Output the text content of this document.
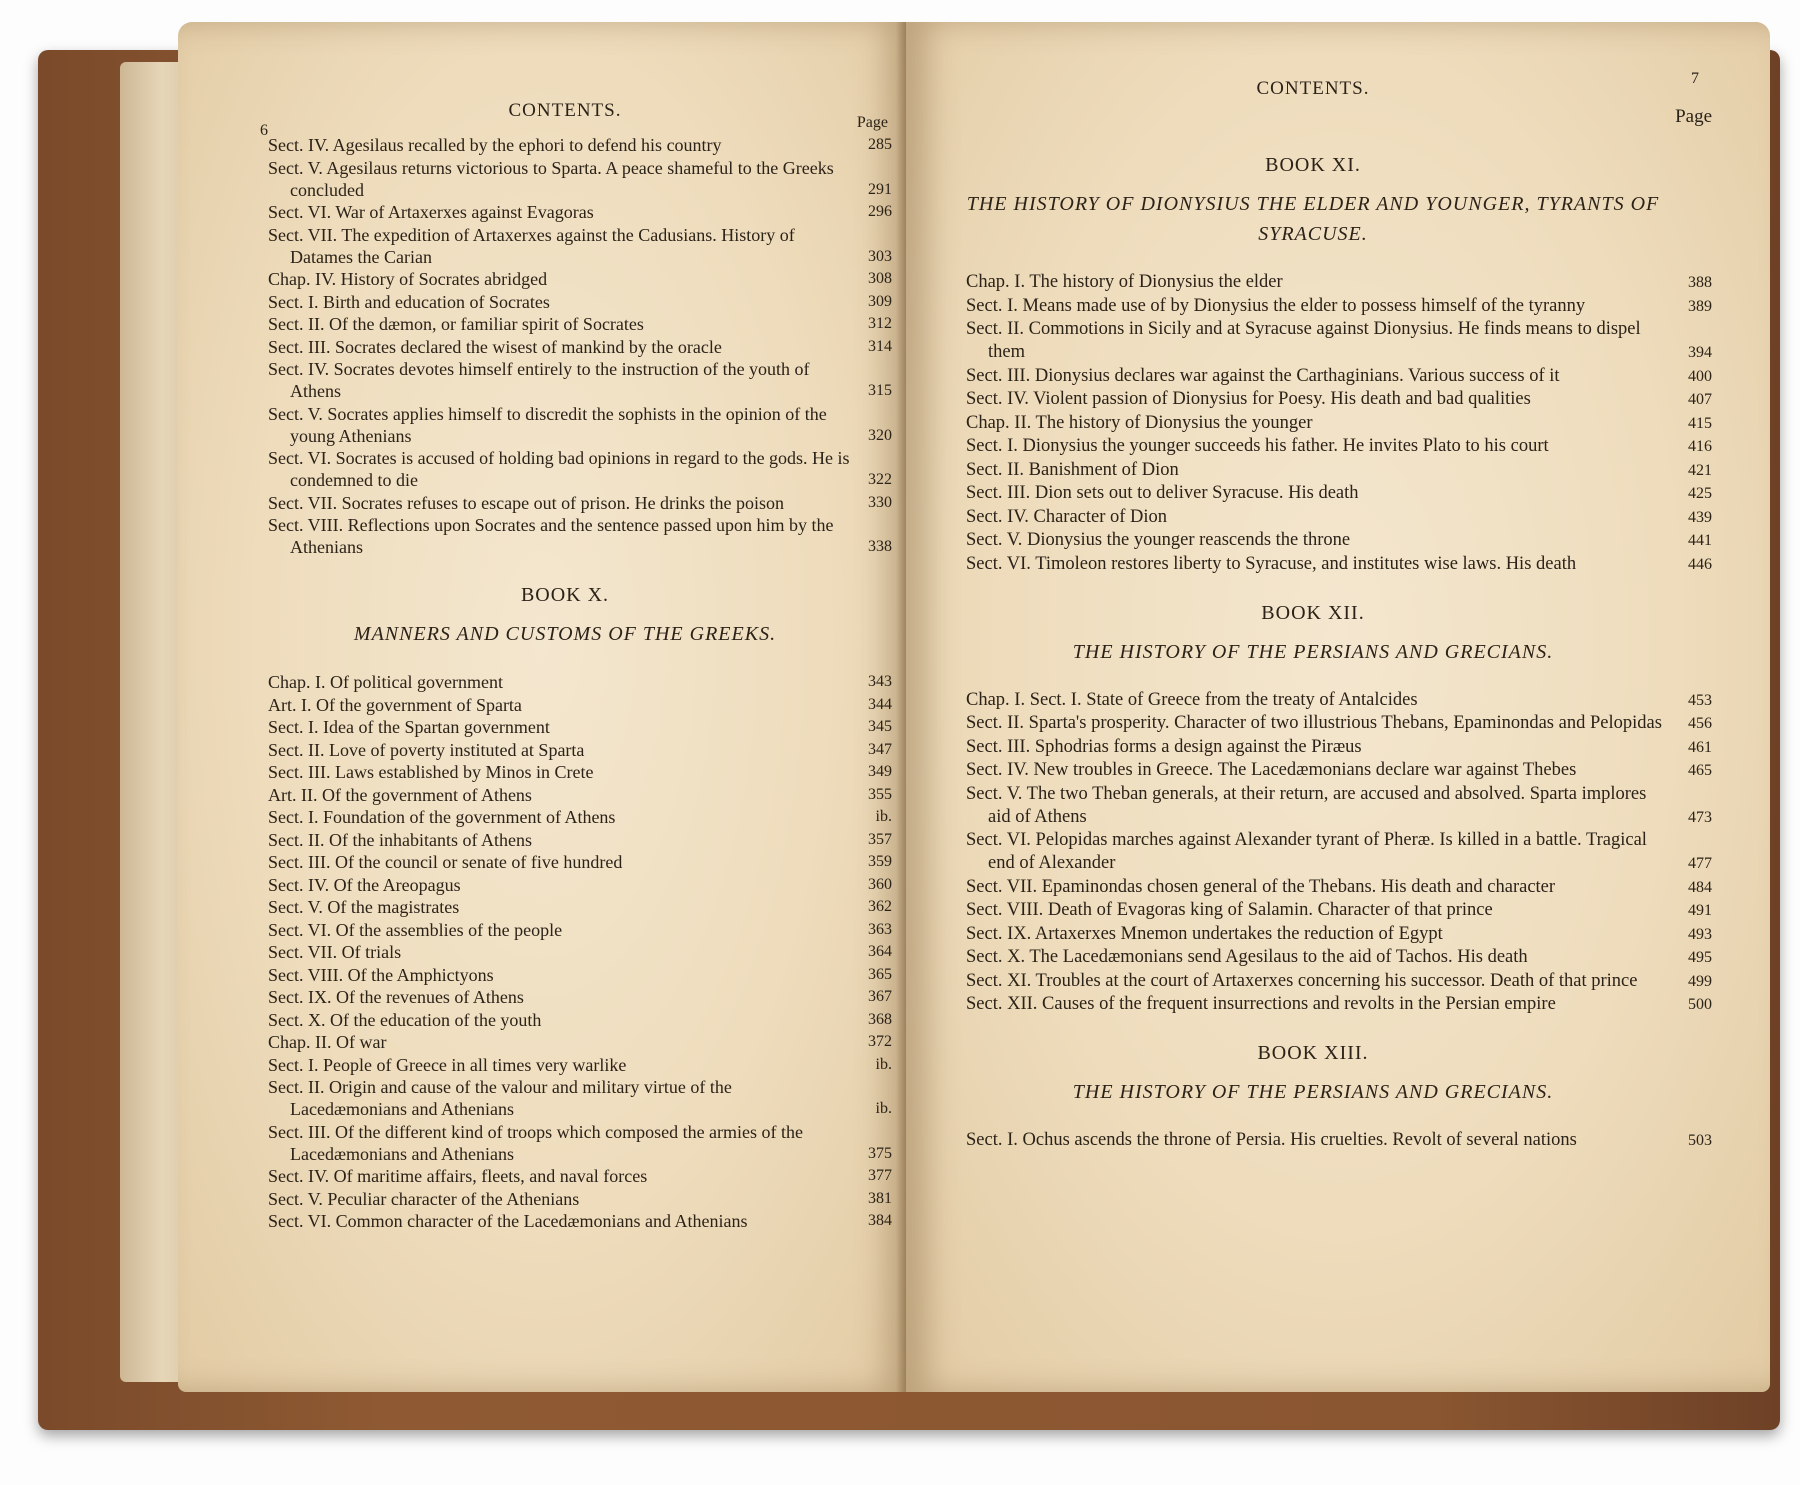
6
CONTENTS.
Page
Sect. IV. Agesilaus recalled by the ephori to defend his country	285
Sect. V. Agesilaus returns victorious to Sparta. A peace shameful to the Greeks concluded	291
Sect. VI. War of Artaxerxes against Evagoras	296
Sect. VII. The expedition of Artaxerxes against the Cadusians. History of Datames the Carian	303
Chap. IV. History of Socrates abridged	308
Sect. I. Birth and education of Socrates	309
Sect. II. Of the dæmon, or familiar spirit of Socrates	312
Sect. III. Socrates declared the wisest of mankind by the oracle	314
Sect. IV. Socrates devotes himself entirely to the instruction of the youth of Athens	315
Sect. V. Socrates applies himself to discredit the sophists in the opinion of the young Athenians	320
Sect. VI. Socrates is accused of holding bad opinions in regard to the gods. He is condemned to die	322
Sect. VII. Socrates refuses to escape out of prison. He drinks the poison	330
Sect. VIII. Reflections upon Socrates and the sentence passed upon him by the Athenians	338
BOOK X.
MANNERS AND CUSTOMS OF THE GREEKS.
Chap. I. Of political government	343
Art. I. Of the government of Sparta	344
Sect. I. Idea of the Spartan government	345
Sect. II. Love of poverty instituted at Sparta	347
Sect. III. Laws established by Minos in Crete	349
Art. II. Of the government of Athens	355
Sect. I. Foundation of the government of Athens	ib.
Sect. II. Of the inhabitants of Athens	357
Sect. III. Of the council or senate of five hundred	359
Sect. IV. Of the Areopagus	360
Sect. V. Of the magistrates	362
Sect. VI. Of the assemblies of the people	363
Sect. VII. Of trials	364
Sect. VIII. Of the Amphictyons	365
Sect. IX. Of the revenues of Athens	367
Sect. X. Of the education of the youth	368
Chap. II. Of war	372
Sect. I. People of Greece in all times very warlike	ib.
Sect. II. Origin and cause of the valour and military virtue of the Lacedæmonians and Athenians	ib.
Sect. III. Of the different kind of troops which composed the armies of the Lacedæmonians and Athenians	375
Sect. IV. Of maritime affairs, fleets, and naval forces	377
Sect. V. Peculiar character of the Athenians	381
Sect. VI. Common character of the Lacedæmonians and Athenians	384
CONTENTS.	7
Page
BOOK XI.
THE HISTORY OF DIONYSIUS THE ELDER AND YOUNGER, TYRANTS OF SYRACUSE.
Chap. I. The history of Dionysius the elder	388
Sect. I. Means made use of by Dionysius the elder to possess himself of the tyranny	389
Sect. II. Commotions in Sicily and at Syracuse against Dionysius. He finds means to dispel them	394
Sect. III. Dionysius declares war against the Carthaginians. Various success of it	400
Sect. IV. Violent passion of Dionysius for Poesy. His death and bad qualities	407
Chap. II. The history of Dionysius the younger	415
Sect. I. Dionysius the younger succeeds his father. He invites Plato to his court	416
Sect. II. Banishment of Dion	421
Sect. III. Dion sets out to deliver Syracuse. His death	425
Sect. IV. Character of Dion	439
Sect. V. Dionysius the younger reascends the throne	441
Sect. VI. Timoleon restores liberty to Syracuse, and institutes wise laws. His death	446
BOOK XII.
THE HISTORY OF THE PERSIANS AND GRECIANS.
Chap. I. Sect. I. State of Greece from the treaty of Antalcides	453
Sect. II. Sparta's prosperity. Character of two illustrious Thebans, Epaminondas and Pelopidas	456
Sect. III. Sphodrias forms a design against the Piræus	461
Sect. IV. New troubles in Greece. The Lacedæmonians declare war against Thebes	465
Sect. V. The two Theban generals, at their return, are accused and absolved. Sparta implores aid of Athens	473
Sect. VI. Pelopidas marches against Alexander tyrant of Pheræ. Is killed in a battle. Tragical end of Alexander	477
Sect. VII. Epaminondas chosen general of the Thebans. His death and character	484
Sect. VIII. Death of Evagoras king of Salamin. Character of that prince	491
Sect. IX. Artaxerxes Mnemon undertakes the reduction of Egypt	493
Sect. X. The Lacedæmonians send Agesilaus to the aid of Tachos. His death	495
Sect. XI. Troubles at the court of Artaxerxes concerning his successor. Death of that prince	499
Sect. XII. Causes of the frequent insurrections and revolts in the Persian empire	500
BOOK XIII.
THE HISTORY OF THE PERSIANS AND GRECIANS.
Sect. I. Ochus ascends the throne of Persia. His cruelties. Revolt of several nations	503
